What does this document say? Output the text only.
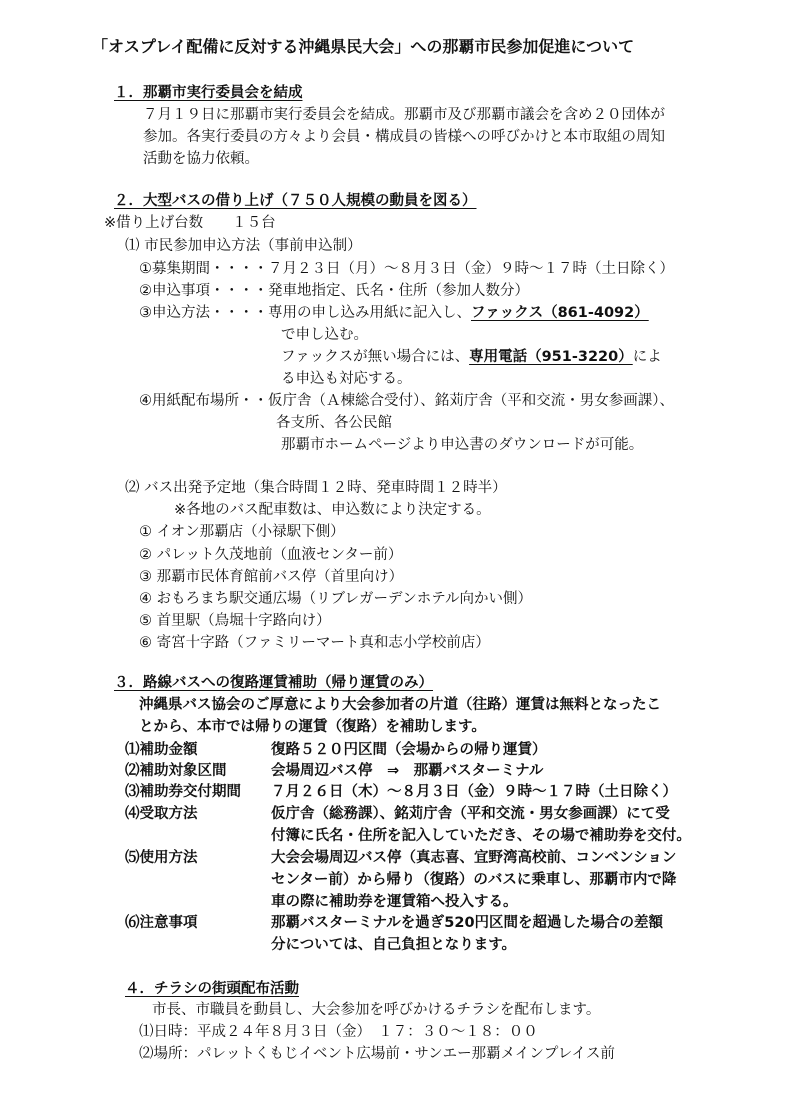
「オスプレイ配備に反対する沖縄県民大会」への那覇市民参加促進について
１．那覇市実行委員会を結成
７月１９日に那覇市実行委員会を結成。那覇市及び那覇市議会を含め２０団体が
参加。各実行委員の方々より会員・構成員の皆様への呼びかけと本市取組の周知
活動を協力依頼。
２．大型バスの借り上げ（７５０人規模の動員を図る）
※借り上げ台数　　１５台
⑴ 市民参加申込方法（事前申込制）
①募集期間・・・・７月２３日（月）～８月３日（金）９時～１７時（土日除く）
②申込事項・・・・発車地指定、氏名・住所（参加人数分）
③申込方法・・・・専用の申し込み用紙に記入し、ファックス（861-4092）
で申し込む。
ファックスが無い場合には、専用電話（951-3220）によ
る申込も対応する。
④用紙配布場所・・仮庁舎（Ａ棟総合受付）、銘苅庁舎（平和交流・男女参画課）、
各支所、各公民館
那覇市ホームページより申込書のダウンロードが可能。
⑵ バス出発予定地（集合時間１２時、発車時間１２時半）
※各地のバス配車数は、申込数により決定する。
① イオン那覇店（小禄駅下側）
② パレット久茂地前（血液センター前）
③ 那覇市民体育館前バス停（首里向け）
④ おもろまち駅交通広場（リブレガーデンホテル向かい側）
⑤ 首里駅（鳥堀十字路向け）
⑥ 寄宮十字路（ファミリーマート真和志小学校前店）
３．路線バスへの復路運賃補助（帰り運賃のみ）
沖縄県バス協会のご厚意により大会参加者の片道（往路）運賃は無料となったこ
とから、本市では帰りの運賃（復路）を補助します。
⑴補助金額	復路５２０円区間（会場からの帰り運賃）
⑵補助対象区間	会場周辺バス停　⇒　那覇バスターミナル
⑶補助券交付期間 ７月２６日（木）～８月３日（金）９時～１７時（土日除く）
⑷受取方法	仮庁舎（総務課）、銘苅庁舎（平和交流・男女参画課）にて受
付簿に氏名・住所を記入していただき、その場で補助券を交付。
⑸使用方法	大会会場周辺バス停（真志喜、宜野湾高校前、コンベンション
センター前）から帰り（復路）のバスに乗車し、那覇市内で降
車の際に補助券を運賃箱へ投入する。
⑹注意事項	那覇バスターミナルを過ぎ520円区間を超過した場合の差額
分については、自己負担となります。
４．チラシの街頭配布活動
市長、市職員を動員し、大会参加を呼びかけるチラシを配布します。
⑴日時：平成２４年８月３日（金）　１７：３０～１８：００
⑵場所：パレットくもじイベント広場前・サンエー那覇メインプレイス前
